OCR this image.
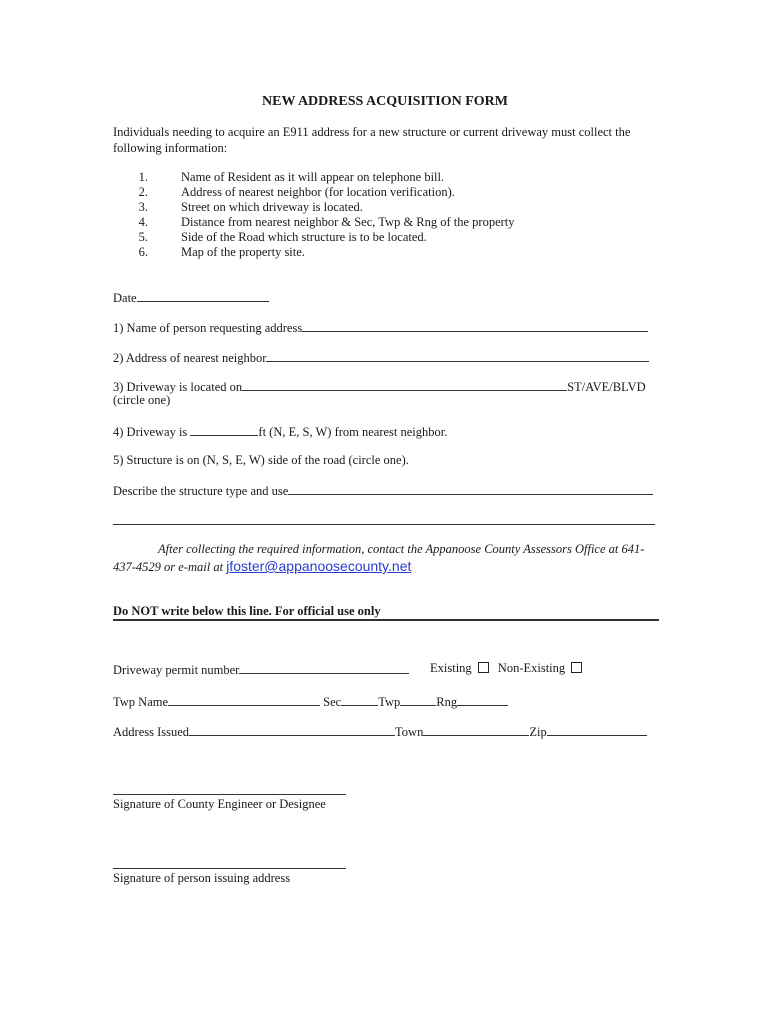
NEW ADDRESS ACQUISITION FORM
Individuals needing to acquire an E911 address for a new structure or current driveway must collect the following information:
1.	Name of Resident as it will appear on telephone bill.
2.	Address of nearest neighbor (for location verification).
3.	Street on which driveway is located.
4.	Distance from nearest neighbor & Sec, Twp & Rng of the property
5.	Side of the Road which structure is to be located.
6.	Map of the property site.
Date
1) Name of person requesting address
2) Address of nearest neighbor
3) Driveway is located on	ST/AVE/BLVD
(circle one)
4) Driveway is	ft (N, E, S, W) from nearest neighbor.
5) Structure is on (N, S, E, W) side of the road (circle one).
Describe the structure type and use
After collecting the required information, contact the Appanoose County Assessors Office at 641-
437-4529 or e-mail at jfoster@appanoosecounty.net
Do NOT write below this line. For official use only
Driveway permit number	Existing Non-Existing
Twp Name	Sec	Twp	Rng
Address Issued	Town	Zip
Signature of County Engineer or Designee
Signature of person issuing address
